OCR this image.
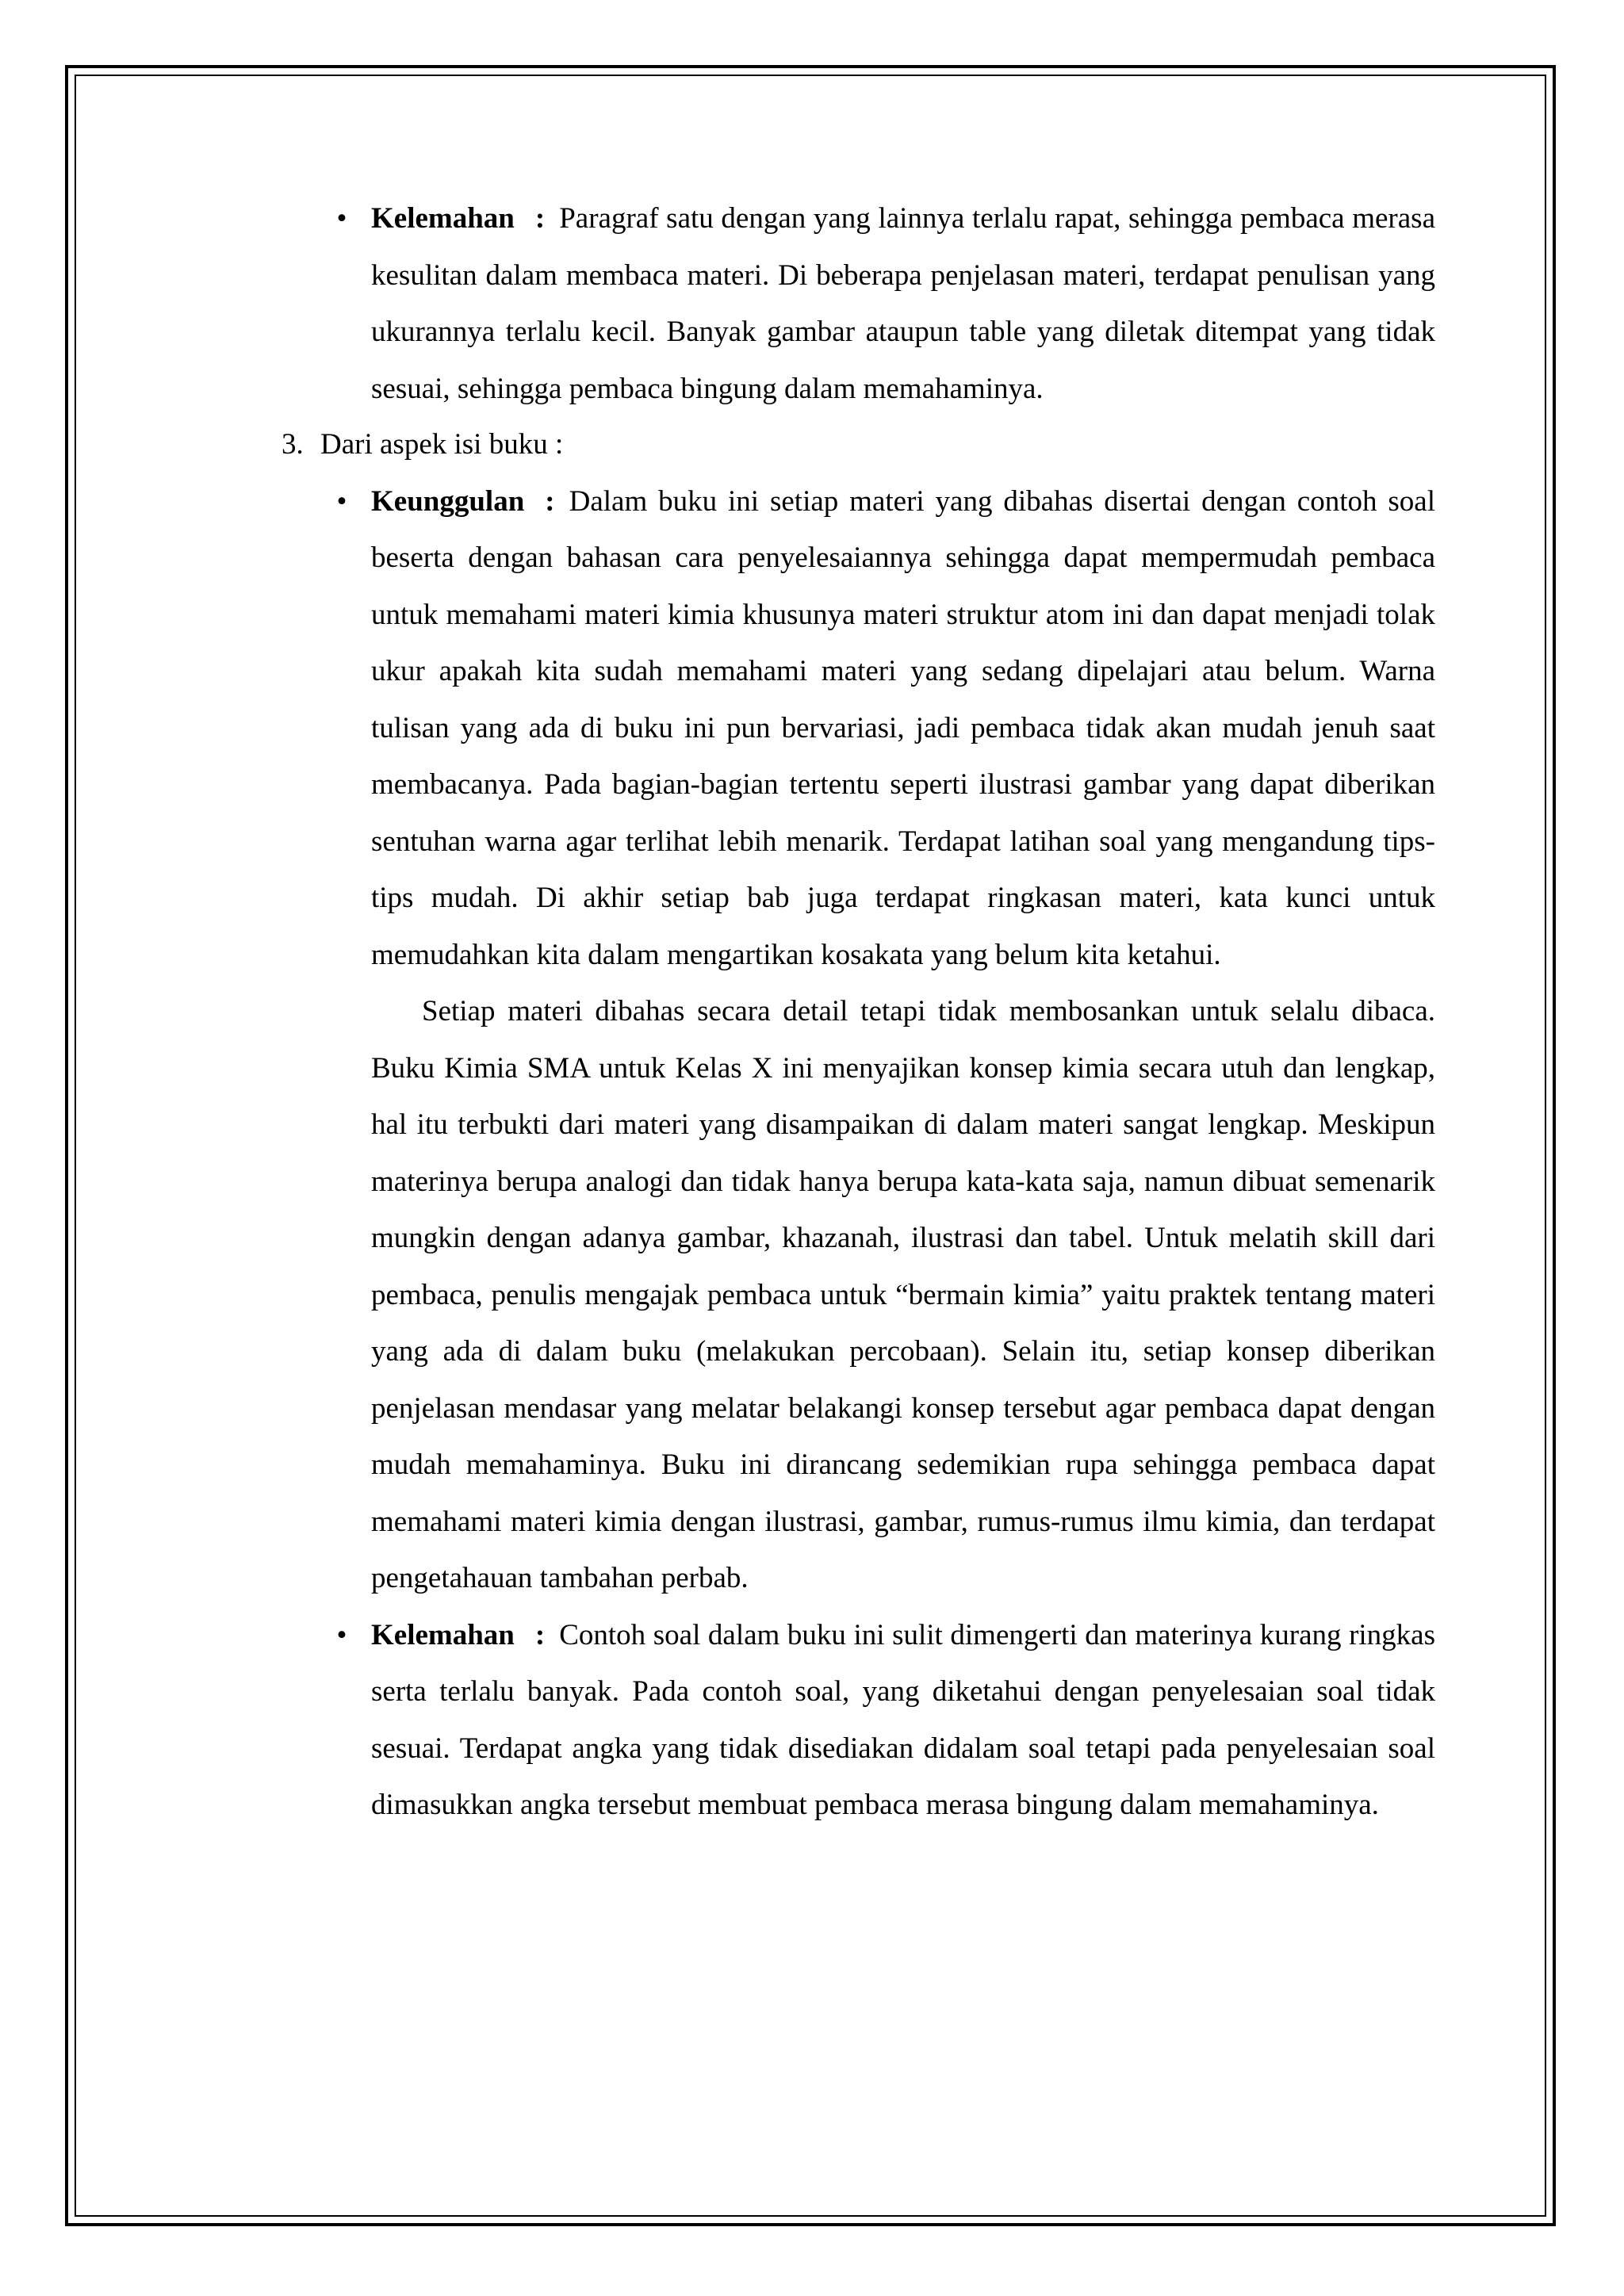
• Kelemahan : Paragraf satu dengan yang lainnya terlalu rapat, sehingga pembaca merasa kesulitan dalam membaca materi. Di beberapa penjelasan materi, terdapat penulisan yang ukurannya terlalu kecil. Banyak gambar ataupun table yang diletak ditempat yang tidak sesuai, sehingga pembaca bingung dalam memahaminya.

3. Dari aspek isi buku :
• Keunggulan : Dalam buku ini setiap materi yang dibahas disertai dengan contoh soal beserta dengan bahasan cara penyelesaiannya sehingga dapat mempermudah pembaca untuk memahami materi kimia khusunya materi struktur atom ini dan dapat menjadi tolak ukur apakah kita sudah memahami materi yang sedang dipelajari atau belum. Warna tulisan yang ada di buku ini pun bervariasi, jadi pembaca tidak akan mudah jenuh saat membacanya. Pada bagian-bagian tertentu seperti ilustrasi gambar yang dapat diberikan sentuhan warna agar terlihat lebih menarik. Terdapat latihan soal yang mengandung tips-tips mudah. Di akhir setiap bab juga terdapat ringkasan materi, kata kunci untuk memudahkan kita dalam mengartikan kosakata yang belum kita ketahui.

Setiap materi dibahas secara detail tetapi tidak membosankan untuk selalu dibaca. Buku Kimia SMA untuk Kelas X ini menyajikan konsep kimia secara utuh dan lengkap, hal itu terbukti dari materi yang disampaikan di dalam materi sangat lengkap. Meskipun materinya berupa analogi dan tidak hanya berupa kata-kata saja, namun dibuat semenarik mungkin dengan adanya gambar, khazanah, ilustrasi dan tabel. Untuk melatih skill dari pembaca, penulis mengajak pembaca untuk “bermain kimia” yaitu praktek tentang materi yang ada di dalam buku (melakukan percobaan). Selain itu, setiap konsep diberikan penjelasan mendasar yang melatar belakangi konsep tersebut agar pembaca dapat dengan mudah memahaminya. Buku ini dirancang sedemikian rupa sehingga pembaca dapat memahami materi kimia dengan ilustrasi, gambar, rumus-rumus ilmu kimia, dan terdapat pengetahauan tambahan perbab.

• Kelemahan : Contoh soal dalam buku ini sulit dimengerti dan materinya kurang ringkas serta terlalu banyak. Pada contoh soal, yang diketahui dengan penyelesaian soal tidak sesuai. Terdapat angka yang tidak disediakan didalam soal tetapi pada penyelesaian soal dimasukkan angka tersebut membuat pembaca merasa bingung dalam memahaminya.
